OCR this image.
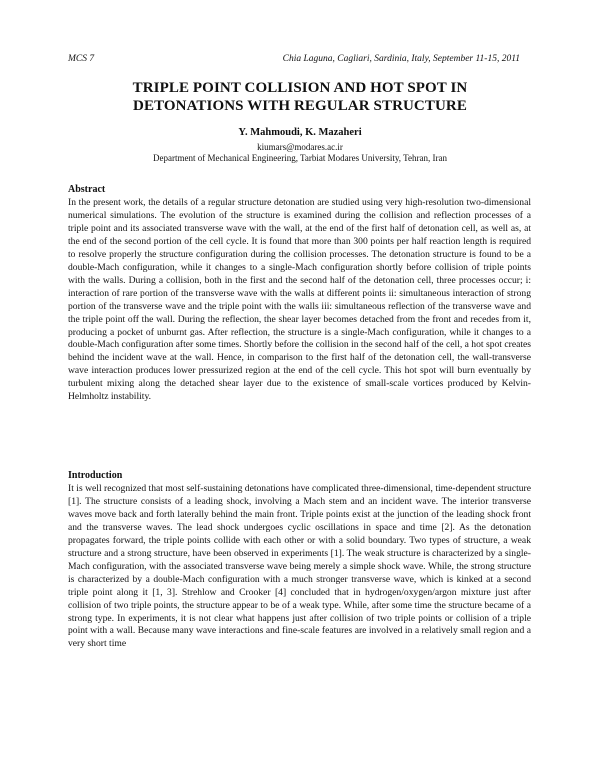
MCS 7	Chia Laguna, Cagliari, Sardinia, Italy, September 11-15, 2011
TRIPLE POINT COLLISION AND HOT SPOT IN
DETONATIONS WITH REGULAR STRUCTURE
Y. Mahmoudi, K. Mazaheri
kiumars@modares.ac.ir
Department of Mechanical Engineering, Tarbiat Modares University, Tehran, Iran
Abstract
In the present work, the details of a regular structure detonation are studied using very high-resolution two-dimensional numerical simulations. The evolution of the structure is examined during the collision and reflection processes of a triple point and its associated transverse wave with the wall, at the end of the first half of detonation cell, as well as, at the end of the second portion of the cell cycle. It is found that more than 300 points per half reaction length is required to resolve properly the structure configuration during the collision processes. The detonation structure is found to be a double-Mach configuration, while it changes to a single-Mach configuration shortly before collision of triple points with the walls. During a collision, both in the first and the second half of the detonation cell, three processes occur; i: interaction of rare portion of the transverse wave with the walls at different points ii: simultaneous interaction of strong portion of the transverse wave and the triple point with the walls iii: simultaneous reflection of the transverse wave and the triple point off the wall. During the reflection, the shear layer becomes detached from the front and recedes from it, producing a pocket of unburnt gas. After reflection, the structure is a single-Mach configuration, while it changes to a double-Mach configuration after some times. Shortly before the collision in the second half of the cell, a hot spot creates behind the incident wave at the wall. Hence, in comparison to the first half of the detonation cell, the wall-transverse wave interaction produces lower pressurized region at the end of the cell cycle. This hot spot will burn eventually by turbulent mixing along the detached shear layer due to the existence of small-scale vortices produced by Kelvin-Helmholtz instability.
Introduction
It is well recognized that most self-sustaining detonations have complicated three-dimensional, time-dependent structure [1]. The structure consists of a leading shock, involving a Mach stem and an incident wave. The interior transverse waves move back and forth laterally behind the main front. Triple points exist at the junction of the leading shock front and the transverse waves. The lead shock undergoes cyclic oscillations in space and time [2]. As the detonation propagates forward, the triple points collide with each other or with a solid boundary. Two types of structure, a weak structure and a strong structure, have been observed in experiments [1]. The weak structure is characterized by a single-Mach configuration, with the associated transverse wave being merely a simple shock wave. While, the strong structure is characterized by a double-Mach configuration with a much stronger transverse wave, which is kinked at a second triple point along it [1, 3]. Strehlow and Crooker [4] concluded that in hydrogen/oxygen/argon mixture just after collision of two triple points, the structure appear to be of a weak type. While, after some time the structure became of a strong type. In experiments, it is not clear what happens just after collision of two triple points or collision of a triple point with a wall. Because many wave interactions and fine-scale features are involved in a relatively small region and a very short time
